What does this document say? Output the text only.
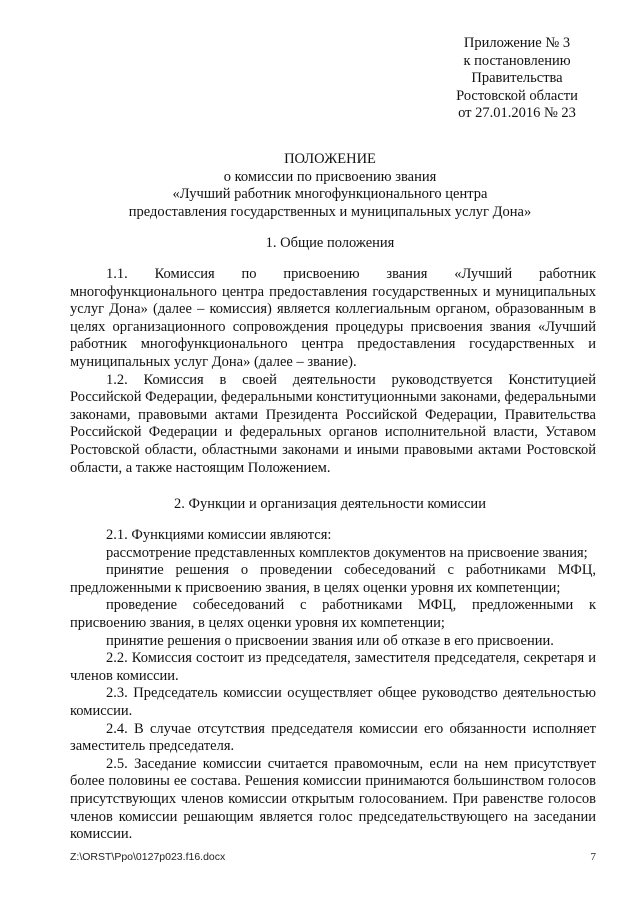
Приложение № 3
к постановлению
Правительства
Ростовской области
от 27.01.2016 № 23
ПОЛОЖЕНИЕ
о комиссии по присвоению звания
«Лучший работник многофункционального центра
предоставления государственных и муниципальных услуг Дона»
1. Общие положения

1.1. Комиссия по присвоению звания «Лучший работник многофункционального центра предоставления государственных и муниципальных услуг Дона» (далее – комиссия) является коллегиальным органом, образованным в целях организационного сопровождения процедуры присвоения звания «Лучший работник многофункционального центра предоставления государственных и муниципальных услуг Дона» (далее – звание).

1.2. Комиссия в своей деятельности руководствуется Конституцией Российской Федерации, федеральными конституционными законами, федеральными законами, правовыми актами Президента Российской Федерации, Правительства Российской Федерации и федеральных органов исполнительной власти, Уставом Ростовской области, областными законами и иными правовыми актами Ростовской области, а также настоящим Положением.

2. Функции и организация деятельности комиссии

2.1. Функциями комиссии являются:

рассмотрение представленных комплектов документов на присвоение звания;

принятие решения о проведении собеседований с работниками МФЦ, предложенными к присвоению звания, в целях оценки уровня их компетенции;

проведение собеседований с работниками МФЦ, предложенными к присвоению звания, в целях оценки уровня их компетенции;

принятие решения о присвоении звания или об отказе в его присвоении.

2.2. Комиссия состоит из председателя, заместителя председателя, секретаря и членов комиссии.

2.3. Председатель комиссии осуществляет общее руководство деятельностью комиссии.

2.4. В случае отсутствия председателя комиссии его обязанности исполняет заместитель председателя.

2.5. Заседание комиссии считается правомочным, если на нем присутствует более половины ее состава. Решения комиссии принимаются большинством голосов присутствующих членов комиссии открытым голосованием. При равенстве голосов членов комиссии решающим является голос председательствующего на заседании комиссии.

Z:\ORST\Ppo\0127p023.f16.docx	7
